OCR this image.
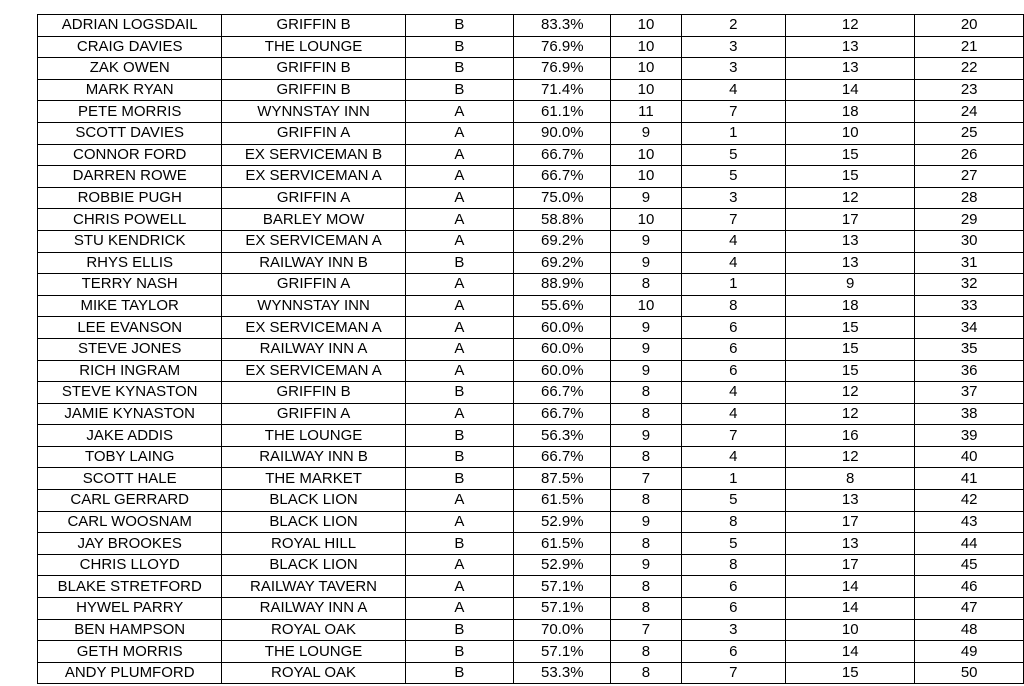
ADRIAN LOGSDAIL	GRIFFIN B	B	83.3%	10	2	12	20
CRAIG DAVIES	THE LOUNGE	B	76.9%	10	3	13	21
ZAK OWEN	GRIFFIN B	B	76.9%	10	3	13	22
MARK RYAN	GRIFFIN B	B	71.4%	10	4	14	23
PETE MORRIS	WYNNSTAY INN	A	61.1%	11	7	18	24
SCOTT DAVIES	GRIFFIN A	A	90.0%	9	1	10	25
CONNOR FORD	EX SERVICEMAN B	A	66.7%	10	5	15	26
DARREN ROWE	EX SERVICEMAN A	A	66.7%	10	5	15	27
ROBBIE PUGH	GRIFFIN A	A	75.0%	9	3	12	28
CHRIS POWELL	BARLEY MOW	A	58.8%	10	7	17	29
STU KENDRICK	EX SERVICEMAN A	A	69.2%	9	4	13	30
RHYS ELLIS	RAILWAY INN B	B	69.2%	9	4	13	31
TERRY NASH	GRIFFIN A	A	88.9%	8	1	9	32
MIKE TAYLOR	WYNNSTAY INN	A	55.6%	10	8	18	33
LEE EVANSON	EX SERVICEMAN A	A	60.0%	9	6	15	34
STEVE JONES	RAILWAY INN A	A	60.0%	9	6	15	35
RICH INGRAM	EX SERVICEMAN A	A	60.0%	9	6	15	36
STEVE KYNASTON	GRIFFIN B	B	66.7%	8	4	12	37
JAMIE KYNASTON	GRIFFIN A	A	66.7%	8	4	12	38
JAKE ADDIS	THE LOUNGE	B	56.3%	9	7	16	39
TOBY LAING	RAILWAY INN B	B	66.7%	8	4	12	40
SCOTT HALE	THE MARKET	B	87.5%	7	1	8	41
CARL GERRARD	BLACK LION	A	61.5%	8	5	13	42
CARL WOOSNAM	BLACK LION	A	52.9%	9	8	17	43
JAY BROOKES	ROYAL HILL	B	61.5%	8	5	13	44
CHRIS LLOYD	BLACK LION	A	52.9%	9	8	17	45
BLAKE STRETFORD	RAILWAY TAVERN	A	57.1%	8	6	14	46
HYWEL PARRY	RAILWAY INN A	A	57.1%	8	6	14	47
BEN HAMPSON	ROYAL OAK	B	70.0%	7	3	10	48
GETH MORRIS	THE LOUNGE	B	57.1%	8	6	14	49
ANDY PLUMFORD	ROYAL OAK	B	53.3%	8	7	15	50
